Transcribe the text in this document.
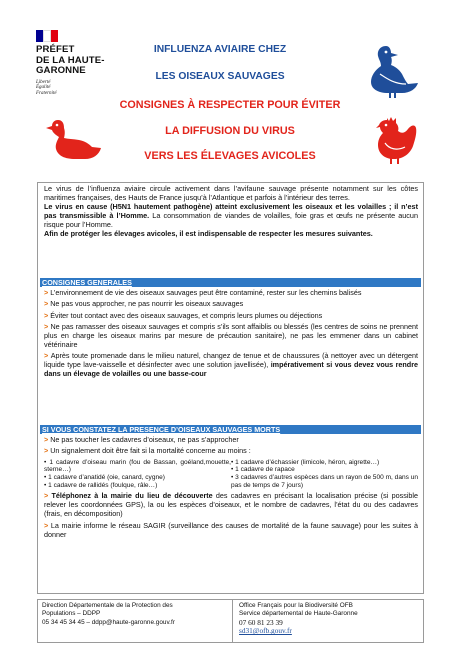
PRÉFET
DE LA HAUTE-
GARONNE
Liberté
Égalité
Fraternité
INFLUENZA AVIAIRE CHEZ
LES OISEAUX SAUVAGES
CONSIGNES À RESPECTER POUR ÉVITER
LA DIFFUSION DU VIRUS
VERS LES ÉLEVAGES AVICOLES

Le virus de l’influenza aviaire circule activement dans l’avifaune sauvage présente notamment sur les côtes maritimes françaises, des Hauts de France jusqu’à l’Atlantique et parfois à l’intérieur des terres.

Le virus en cause (H5N1 hautement pathogène) atteint exclusivement les oiseaux et les volailles ; il n’est pas transmissible à l’Homme. La consommation de viandes de volailles, foie gras et œufs ne présente aucun risque pour l’Homme.

Afin de protéger les élevages avicoles, il est indispensable de respecter les mesures suivantes.

CONSIGNES GENERALES

> L’environnement de vie des oiseaux sauvages peut être contaminé, rester sur les chemins balisés

> Ne pas vous approcher, ne pas nourrir les oiseaux sauvages

> Éviter tout contact avec des oiseaux sauvages, et compris leurs plumes ou déjections

> Ne pas ramasser des oiseaux sauvages et compris s’ils sont affaiblis ou blessés (les centres de soins ne prennent plus en charge les oiseaux marins par mesure de précaution sanitaire), ne pas les emmener dans un cabinet vétérinaire

> Après toute promenade dans le milieu naturel, changez de tenue et de chaussures (à nettoyer avec un détergent liquide type lave-vaisselle et désinfecter avec une solution javellisée), impérativement si vous devez vous rendre dans un élevage de volailles ou une basse-cour

SI VOUS CONSTATEZ LA PRESENCE D’OISEAUX SAUVAGES MORTS

> Ne pas toucher les cadavres d’oiseaux, ne pas s’approcher

> Un signalement doit être fait si la mortalité concerne au moins :

• 1 cadavre d’oiseau marin (fou de Bassan, goéland,mouette, sterne…)
• 1 cadavre d’anatidé (oie, canard, cygne)
• 1 cadavre de rallidés (foulque, râle…)
• 1 cadavre d’échassier (limicole, héron, aigrette…)
• 1 cadavre de rapace
• 3 cadavres d’autres espèces dans un rayon de 500 m, dans un pas de temps de 7 jours)

> Téléphonez à la mairie du lieu de découverte des cadavres en précisant la localisation précise (si possible relever les coordonnées GPS), la ou les espèces d’oiseaux, et le nombre de cadavres, l’état du ou des cadavres (frais, en décomposition)

> La mairie informe le réseau SAGIR (surveillance des causes de mortalité de la faune sauvage) pour les suites à donner

Direction Départementale de la Protection des
Populations – DDPP
05 34 45 34 45 – ddpp@haute-garonne.gouv.fr
Office Français pour la Biodiversité OFB
Service départemental de Haute-Garonne
07 60 81 23 39
sd31@ofb.gouv.fr
